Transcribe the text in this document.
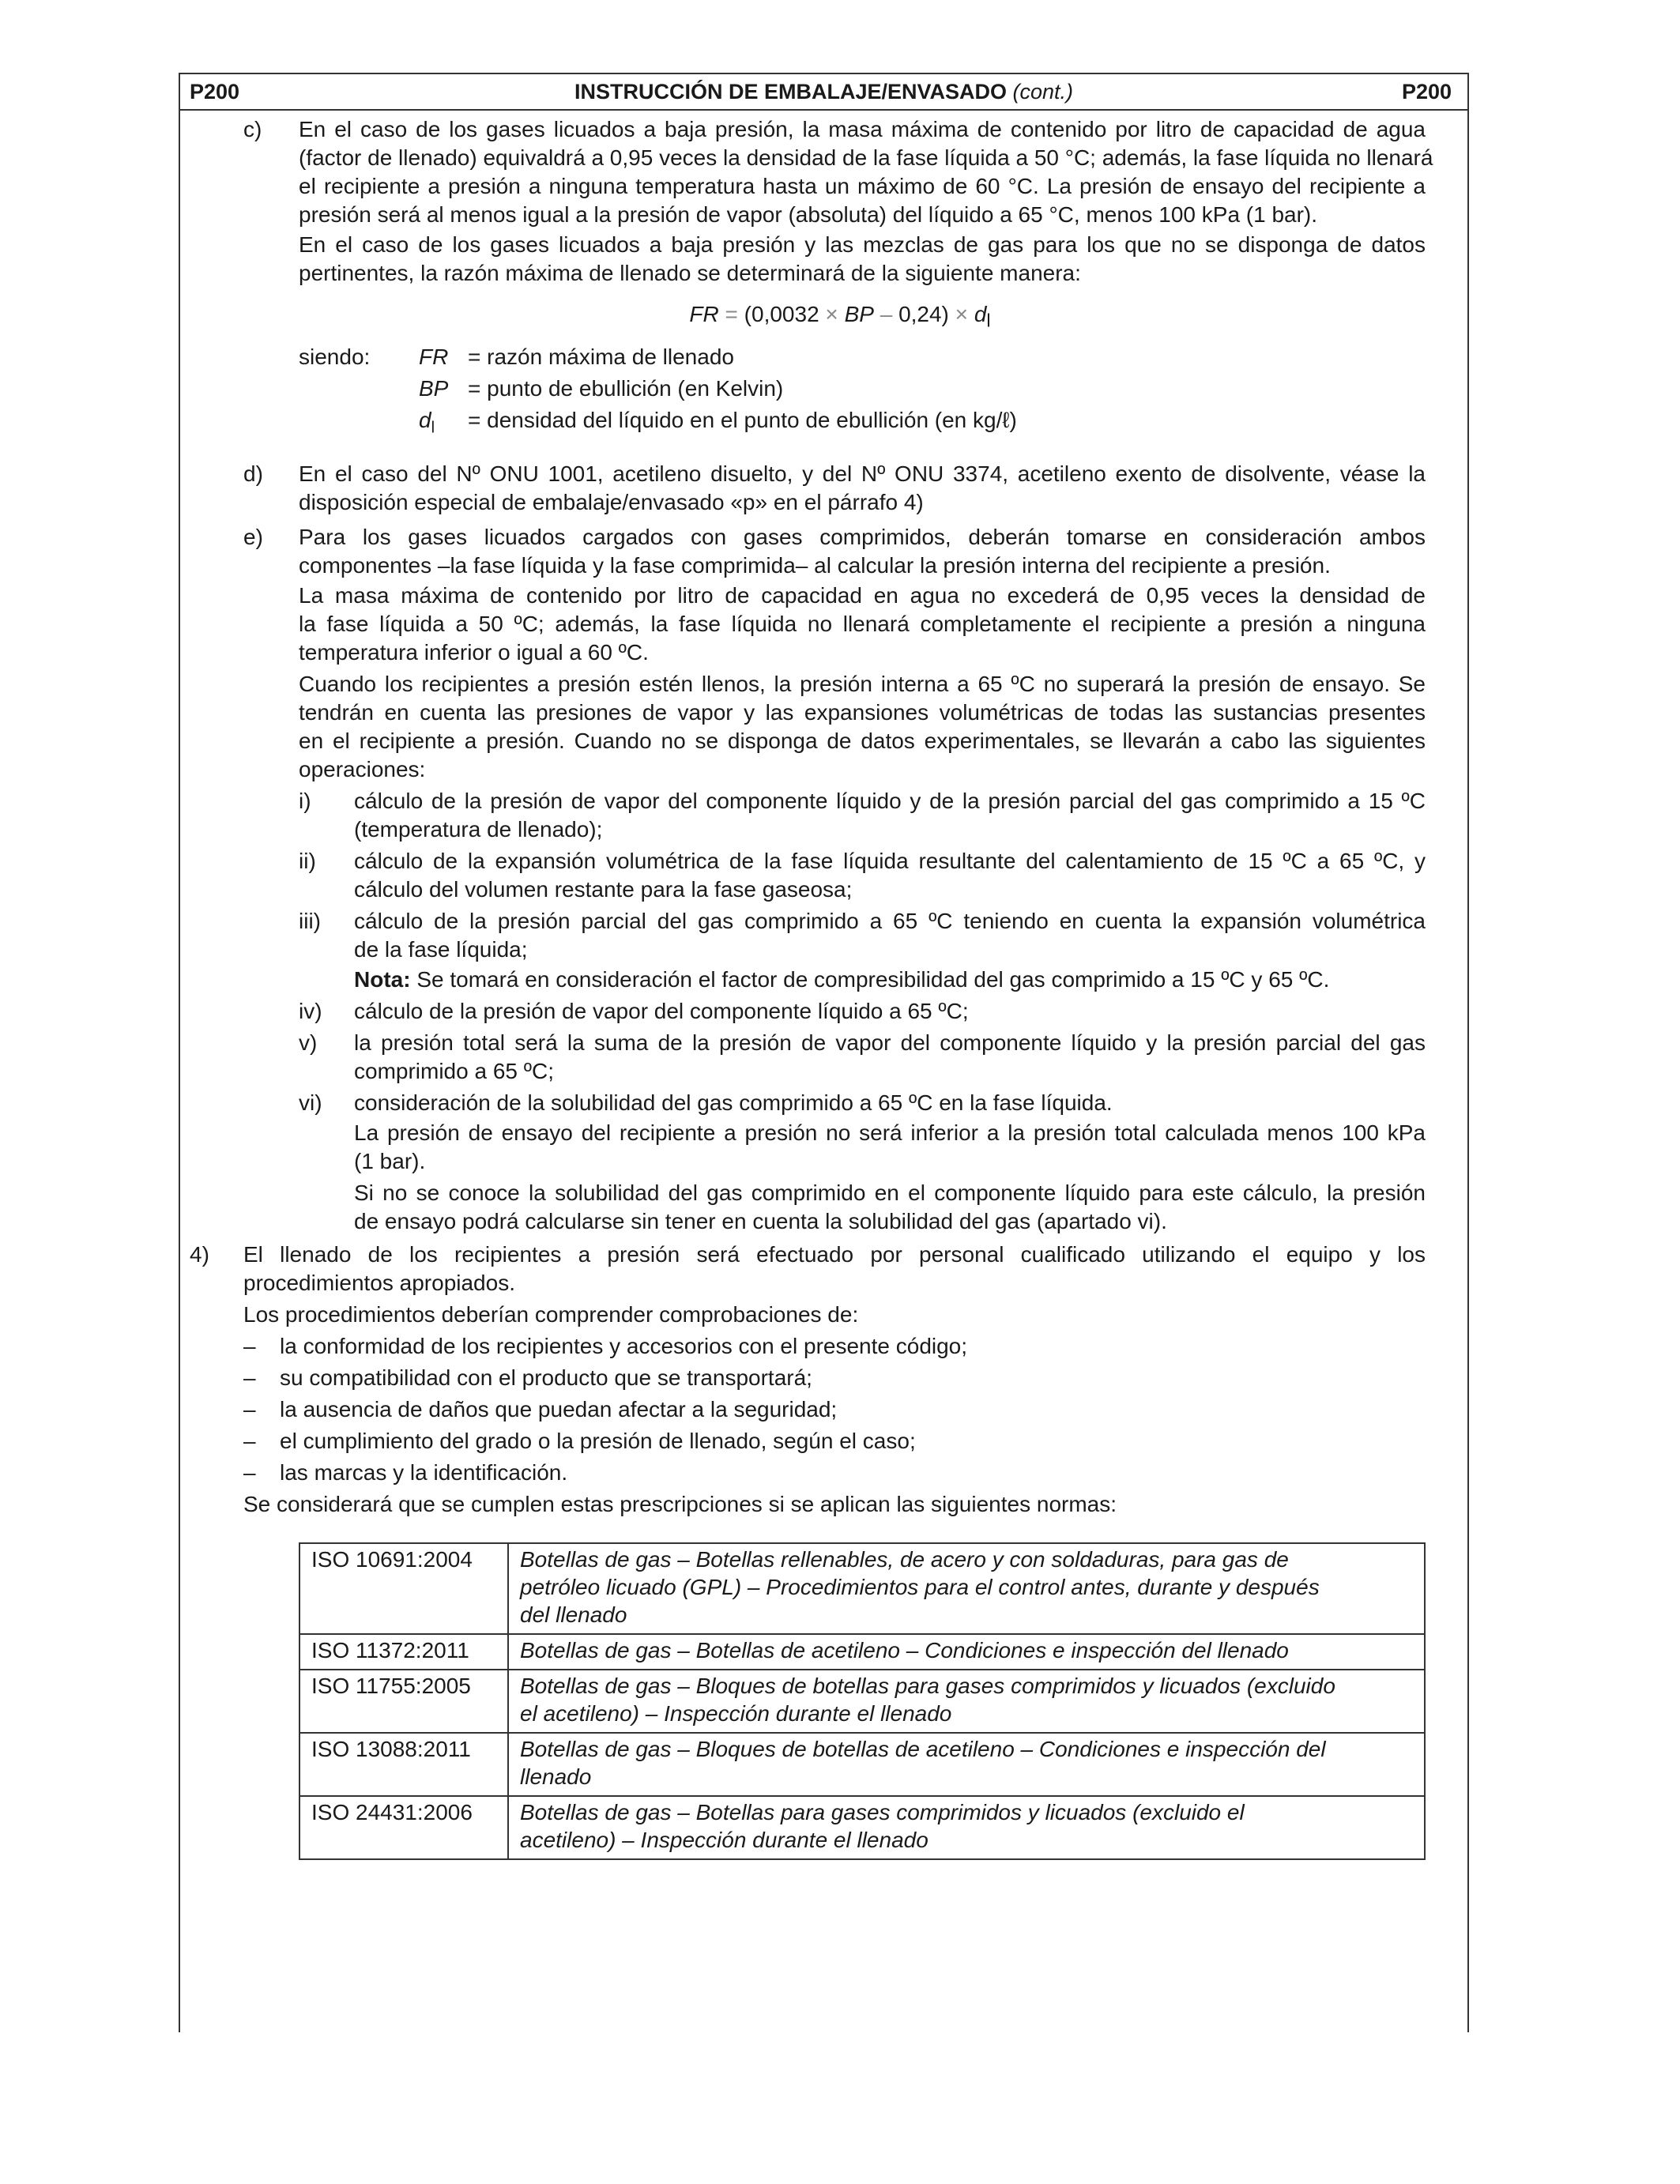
P200	INSTRUCCIÓN DE EMBALAJE/ENVASADO (cont.)	P200
c) En el caso de los gases licuados a baja presión, la masa máxima de contenido por litro de capacidad de agua
(factor de llenado) equivaldrá a 0,95 veces la densidad de la fase líquida a 50 °C; además, la fase líquida no llenará
el recipiente a presión a ninguna temperatura hasta un máximo de 60 °C. La presión de ensayo del recipiente a
presión será al menos igual a la presión de vapor (absoluta) del líquido a 65 °C, menos 100 kPa (1 bar).
En el caso de los gases licuados a baja presión y las mezclas de gas para los que no se disponga de datos
pertinentes, la razón máxima de llenado se determinará de la siguiente manera:
FR = (0,0032 × BP – $0,24) \times d_l$
siendo: FR = razón máxima de llenado
BP = punto de ebullición (en Kelvin)
$d_l$ = densidad del líquido en el punto de ebullición (en kg/ℓ)
d) En el caso del Nº ONU 1001, acetileno disuelto, y del Nº ONU 3374, acetileno exento de disolvente, véase la
disposición especial de embalaje/envasado «p» en el párrafo 4)
e) Para los gases licuados cargados con gases comprimidos, deberán tomarse en consideración ambos
componentes –la fase líquida y la fase comprimida– al calcular la presión interna del recipiente a presión.
La masa máxima de contenido por litro de capacidad en agua no excederá de 0,95 veces la densidad de
la fase líquida a 50 ºC; además, la fase líquida no llenará completamente el recipiente a presión a ninguna
temperatura inferior o igual a 60 ºC.
Cuando los recipientes a presión estén llenos, la presión interna a 65 ºC no superará la presión de ensayo. Se
tendrán en cuenta las presiones de vapor y las expansiones volumétricas de todas las sustancias presentes
en el recipiente a presión. Cuando no se disponga de datos experimentales, se llevarán a cabo las siguientes
operaciones:
i) cálculo de la presión de vapor del componente líquido y de la presión parcial del gas comprimido a 15 ºC
(temperatura de llenado);
ii) cálculo de la expansión volumétrica de la fase líquida resultante del calentamiento de 15 ºC a 65 ºC, y
cálculo del volumen restante para la fase gaseosa;
iii) cálculo de la presión parcial del gas comprimido a 65 ºC teniendo en cuenta la expansión volumétrica
de la fase líquida;
Nota: Se tomará en consideración el factor de compresibilidad del gas comprimido a 15 ºC y 65 ºC.
iv) cálculo de la presión de vapor del componente líquido a 65 ºC;
v) la presión total será la suma de la presión de vapor del componente líquido y la presión parcial del gas
comprimido a 65 ºC;
vi) consideración de la solubilidad del gas comprimido a 65 ºC en la fase líquida.
La presión de ensayo del recipiente a presión no será inferior a la presión total calculada menos 100 kPa
(1 bar).
Si no se conoce la solubilidad del gas comprimido en el componente líquido para este cálculo, la presión
de ensayo podrá calcularse sin tener en cuenta la solubilidad del gas (apartado vi).
4) El llenado de los recipientes a presión será efectuado por personal cualificado utilizando el equipo y los
procedimientos apropiados.
Los procedimientos deberían comprender comprobaciones de:
– la conformidad de los recipientes y accesorios con el presente código;
– su compatibilidad con el producto que se transportará;
– la ausencia de daños que puedan afectar a la seguridad;
– el cumplimiento del grado o la presión de llenado, según el caso;
– las marcas y la identificación.
Se considerará que se cumplen estas prescripciones si se aplican las siguientes normas:
ISO 10691:2004	Botellas de gas – Botellas rellenables, de acero y con soldaduras, para gas de
petróleo licuado (GPL) – Procedimientos para el control antes, durante y después
del llenado
ISO 11372:2011	Botellas de gas – Botellas de acetileno – Condiciones e inspección del llenado
ISO 11755:2005	Botellas de gas – Bloques de botellas para gases comprimidos y licuados (excluido
el acetileno) – Inspección durante el llenado
ISO 13088:2011	Botellas de gas – Bloques de botellas de acetileno – Condiciones e inspección del
llenado
ISO 24431:2006	Botellas de gas – Botellas para gases comprimidos y licuados (excluido el
acetileno) – Inspección durante el llenado
